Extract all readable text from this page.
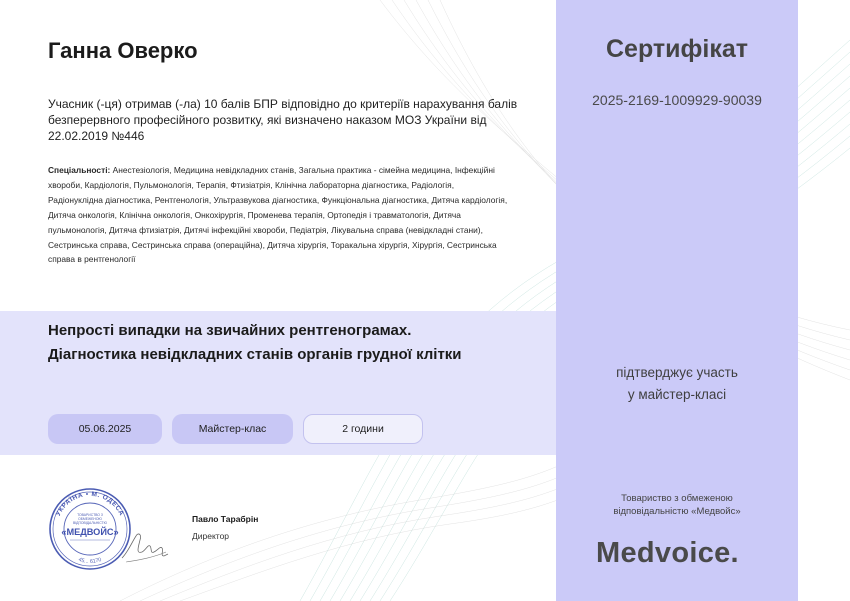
Ганна Оверко
Учасник (-ця) отримав (-ла) 10 балів БПР відповідно до критеріїв нарахування балів безперервного професійного розвитку, які визначено наказом МОЗ України від 22.02.2019 №446
Спеціальності: Анестезіологія, Медицина невідкладних станів, Загальна практика - сімейна медицина, Інфекційні хвороби, Кардіологія, Пульмонологія, Терапія, Фтизіатрія, Клінічна лабораторна діагностика, Радіологія, Радіонуклідна діагностика, Рентгенологія, Ультразвукова діагностика, Функціональна діагностика, Дитяча кардіологія, Дитяча онкологія, Клінічна онкологія, Онкохірургія, Променева терапія, Ортопедія і травматологія, Дитяча пульмонологія, Дитяча фтизіатрія, Дитячі інфекційні хвороби, Педіатрія, Лікувальна справа (невідкладні стани), Сестринська справа, Сестринська справа (операційна), Дитяча хірургія, Торакальна хірургія, Хірургія, Сестринська справа в рентгенології
Непрості випадки на звичайних рентгенограмах.
Діагностика невідкладних станів органів грудної клітки
05.06.2025	Майстер-клас	2 години
УКРАЇНА • М. ОДЕСА
45... 6170
ТОВАРИСТВО З ОБМЕЖЕНОЮ ВІДПОВІДАЛЬНІСТЮ
«МЕДВОЙС»
Павло Тарабрін
Директор
Сертифікат
2025-2169-1009929-90039
підтверджує участь
у майстер-класі
Товариство з обмеженою
відповідальністю «Медвойс»
Medvoice.
